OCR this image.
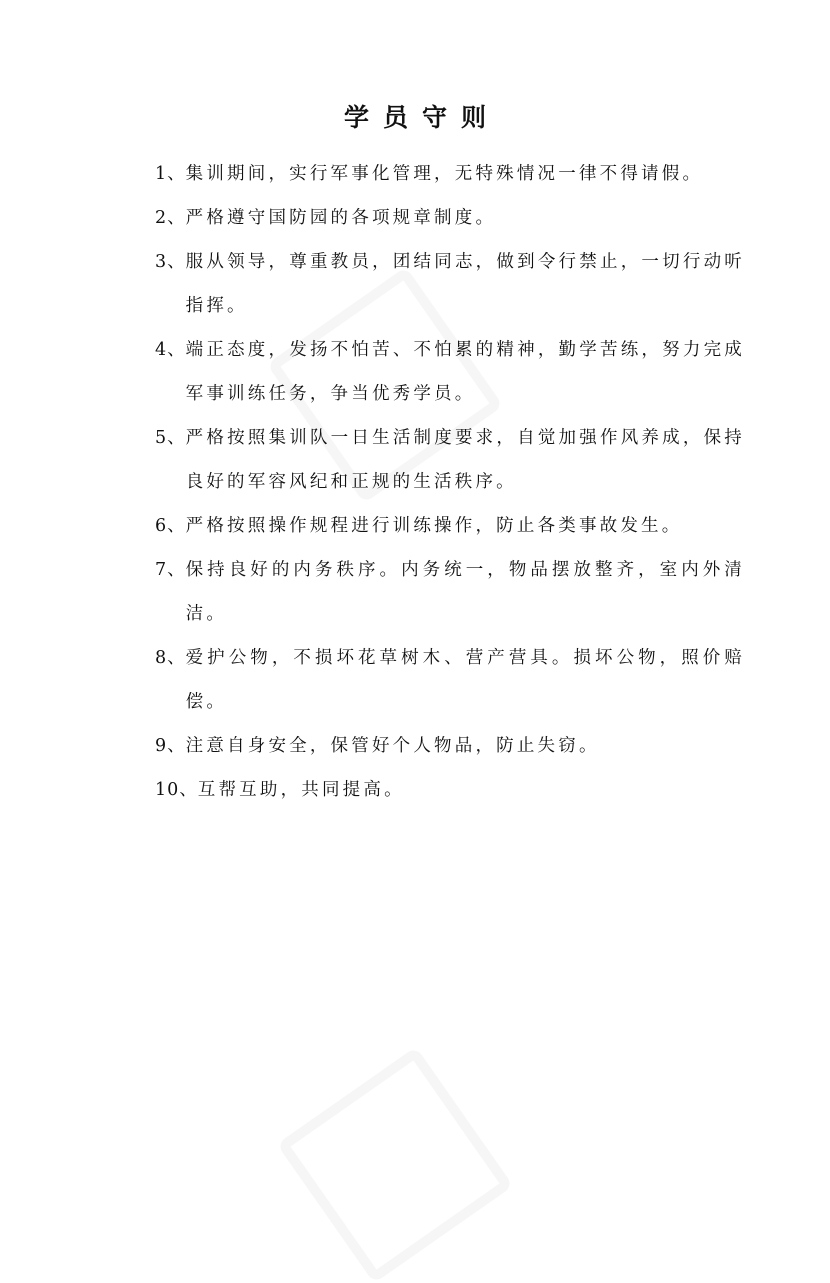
学员守则
1、 集训期间，实行军事化管理，无特殊情况一律不得请假。
2、 严格遵守国防园的各项规章制度。
3、 服从领导，尊重教员，团结同志，做到令行禁止，一切行动听指挥。
4、 端正态度，发扬不怕苦、不怕累的精神，勤学苦练，努力完成军事训练任务，争当优秀学员。
5、 严格按照集训队一日生活制度要求，自觉加强作风养成，保持良好的军容风纪和正规的生活秩序。
6、 严格按照操作规程进行训练操作，防止各类事故发生。
7、 保持良好的内务秩序。内务统一，物品摆放整齐，室内外清洁。
8、 爱护公物，不损坏花草树木、营产营具。损坏公物，照价赔偿。
9、 注意自身安全，保管好个人物品，防止失窃。
10、 互帮互助，共同提高。
